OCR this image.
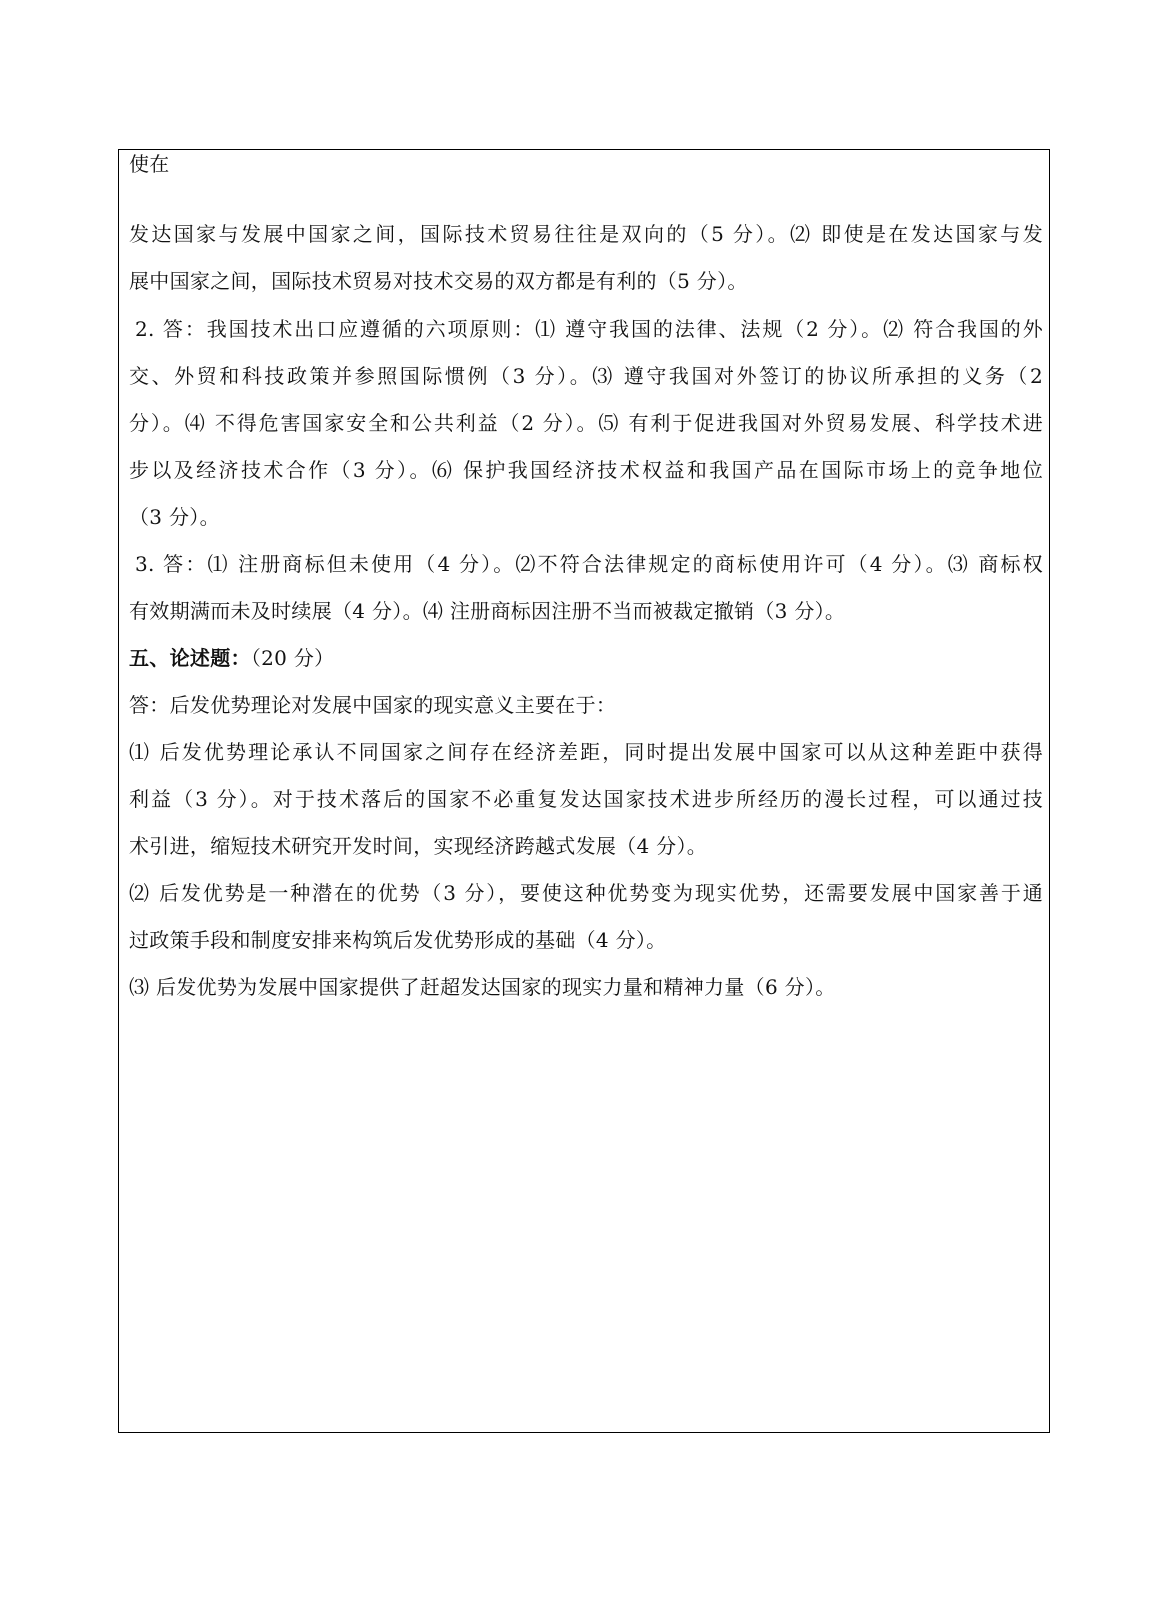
使在
发达国家与发展中国家之间，国际技术贸易往往是双向的（5 分）。⑵ 即使是在发达国家与发
展中国家之间，国际技术贸易对技术交易的双方都是有利的（5 分）。
2. 答：我国技术出口应遵循的六项原则：⑴ 遵守我国的法律、法规（2 分）。⑵ 符合我国的外
交、外贸和科技政策并参照国际惯例（3 分）。⑶ 遵守我国对外签订的协议所承担的义务（2
分）。⑷ 不得危害国家安全和公共利益（2 分）。⑸ 有利于促进我国对外贸易发展、科学技术进
步以及经济技术合作（3 分）。⑹ 保护我国经济技术权益和我国产品在国际市场上的竞争地位
（3 分）。
3. 答：⑴ 注册商标但未使用（4 分）。⑵不符合法律规定的商标使用许可（4 分）。⑶ 商标权
有效期满而未及时续展（4 分）。⑷ 注册商标因注册不当而被裁定撤销（3 分）。
五、论述题：（20 分）
答：后发优势理论对发展中国家的现实意义主要在于：
⑴ 后发优势理论承认不同国家之间存在经济差距，同时提出发展中国家可以从这种差距中获得
利益（3 分）。对于技术落后的国家不必重复发达国家技术进步所经历的漫长过程，可以通过技
术引进，缩短技术研究开发时间，实现经济跨越式发展（4 分）。
⑵ 后发优势是一种潜在的优势（3 分），要使这种优势变为现实优势，还需要发展中国家善于通
过政策手段和制度安排来构筑后发优势形成的基础（4 分）。
⑶ 后发优势为发展中国家提供了赶超发达国家的现实力量和精神力量（6 分）。
